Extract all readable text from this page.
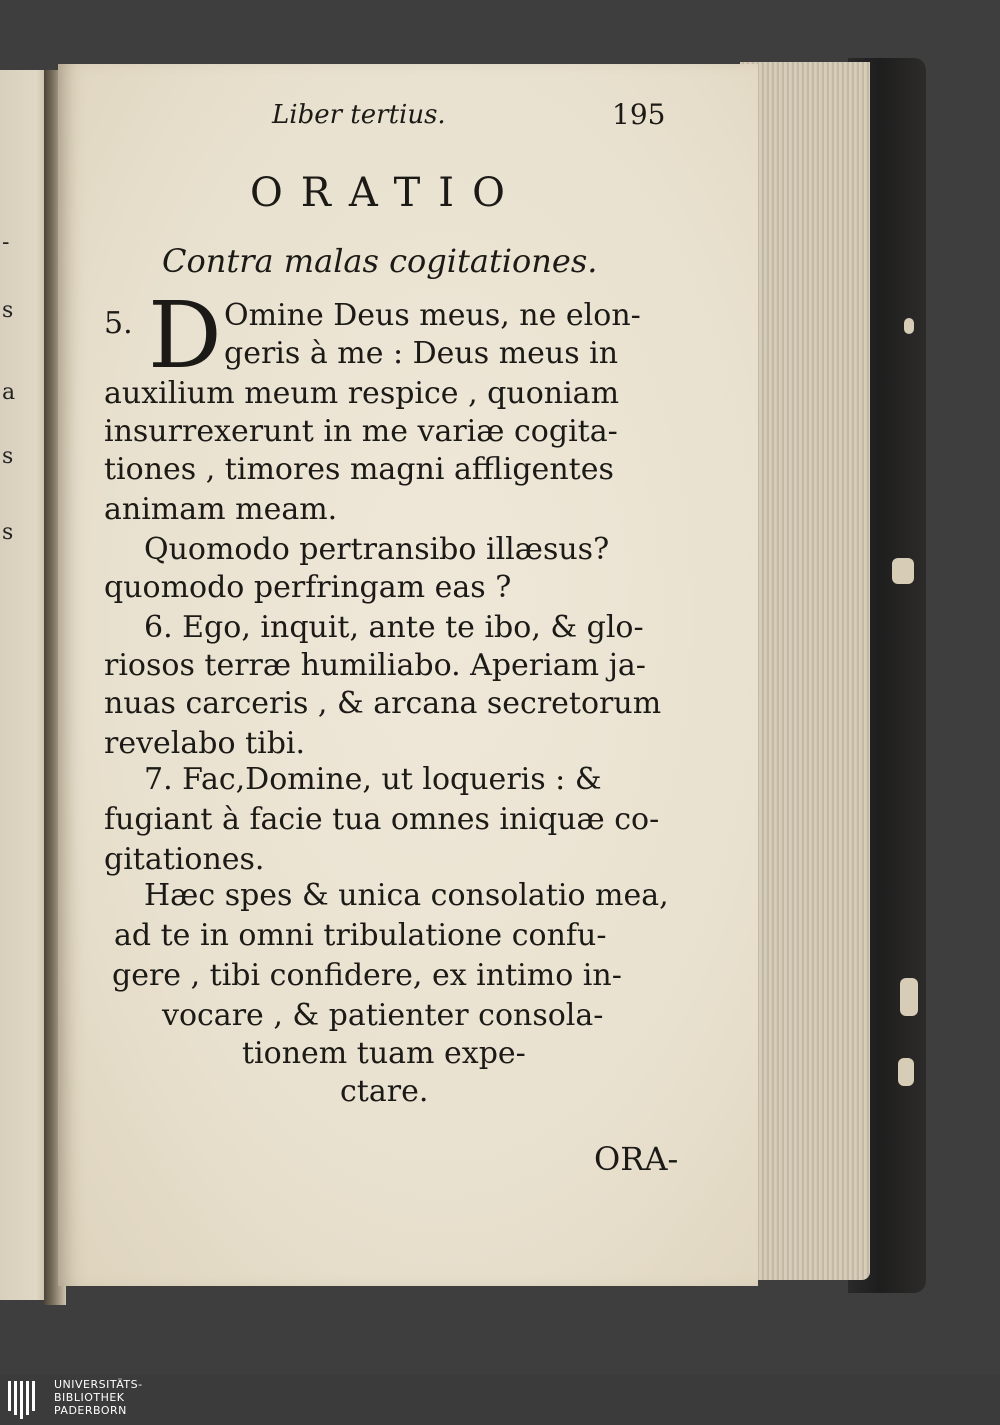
-
s
a
s
s
Liber tertius.	195
ORATIO
Contra malas cogitationes.
5. D Omine Deus meus, ne elon-
geris à me : Deus meus in
auxilium meum respice , quoniam
insurrexerunt in me variæ cogita-
tiones , timores magni affligentes
animam meam.
Quomodo pertransibo illæsus?
quomodo perfringam eas ?
6. Ego, inquit, ante te ibo, & glo-
riosos terræ humiliabo. Aperiam ja-
nuas carceris , & arcana secretorum
revelabo tibi.
7. Fac,Domine, ut loqueris : &
fugiant à facie tua omnes iniquæ co-
gitationes.
Hæc spes & unica consolatio mea,
ad te in omni tribulatione confu-
gere , tibi confidere, ex intimo in-
vocare , & patienter consola-
tionem tuam expe-
ctare.
ORA-
UNIVERSITÄTS-
BIBLIOTHEK
PADERBORN
